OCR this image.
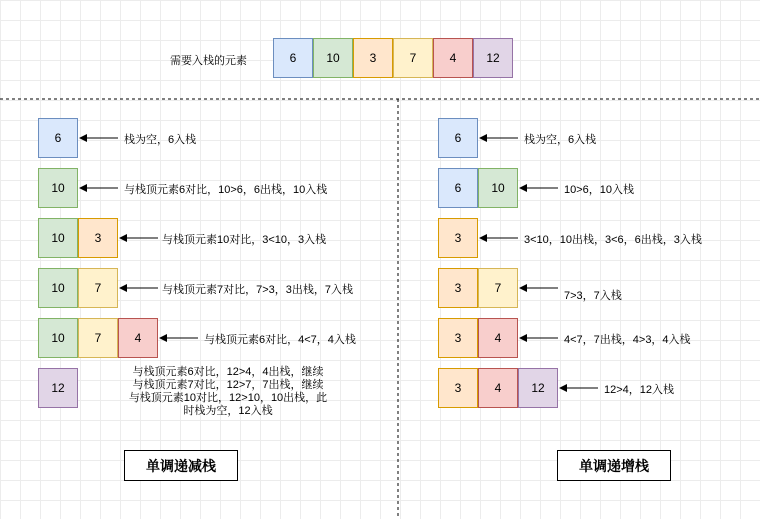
需要入栈的元素	6	10	3	7	4	12
6	栈为空，6入栈
10	与栈顶元素6对比，10>6，6出栈，10入栈
10	3	与栈顶元素10对比，3<10，3入栈
10	7	与栈顶元素7对比，7>3，3出栈，7入栈
10	7	4	与栈顶元素6对比，4<7，4入栈
12
与栈顶元素6对比，12>4，4出栈，继续
与栈顶元素7对比，12>7，7出栈，继续
与栈顶元素10对比，12>10，10出栈，此
时栈为空，12入栈
单调递减栈
6	栈为空，6入栈
6	10	10>6，10入栈
3	3<10，10出栈，3<6，6出栈，3入栈
3	7
7>3，7入栈
3	4	4<7，7出栈，4>3，4入栈
3	4	12	12>4，12入栈
单调递增栈
